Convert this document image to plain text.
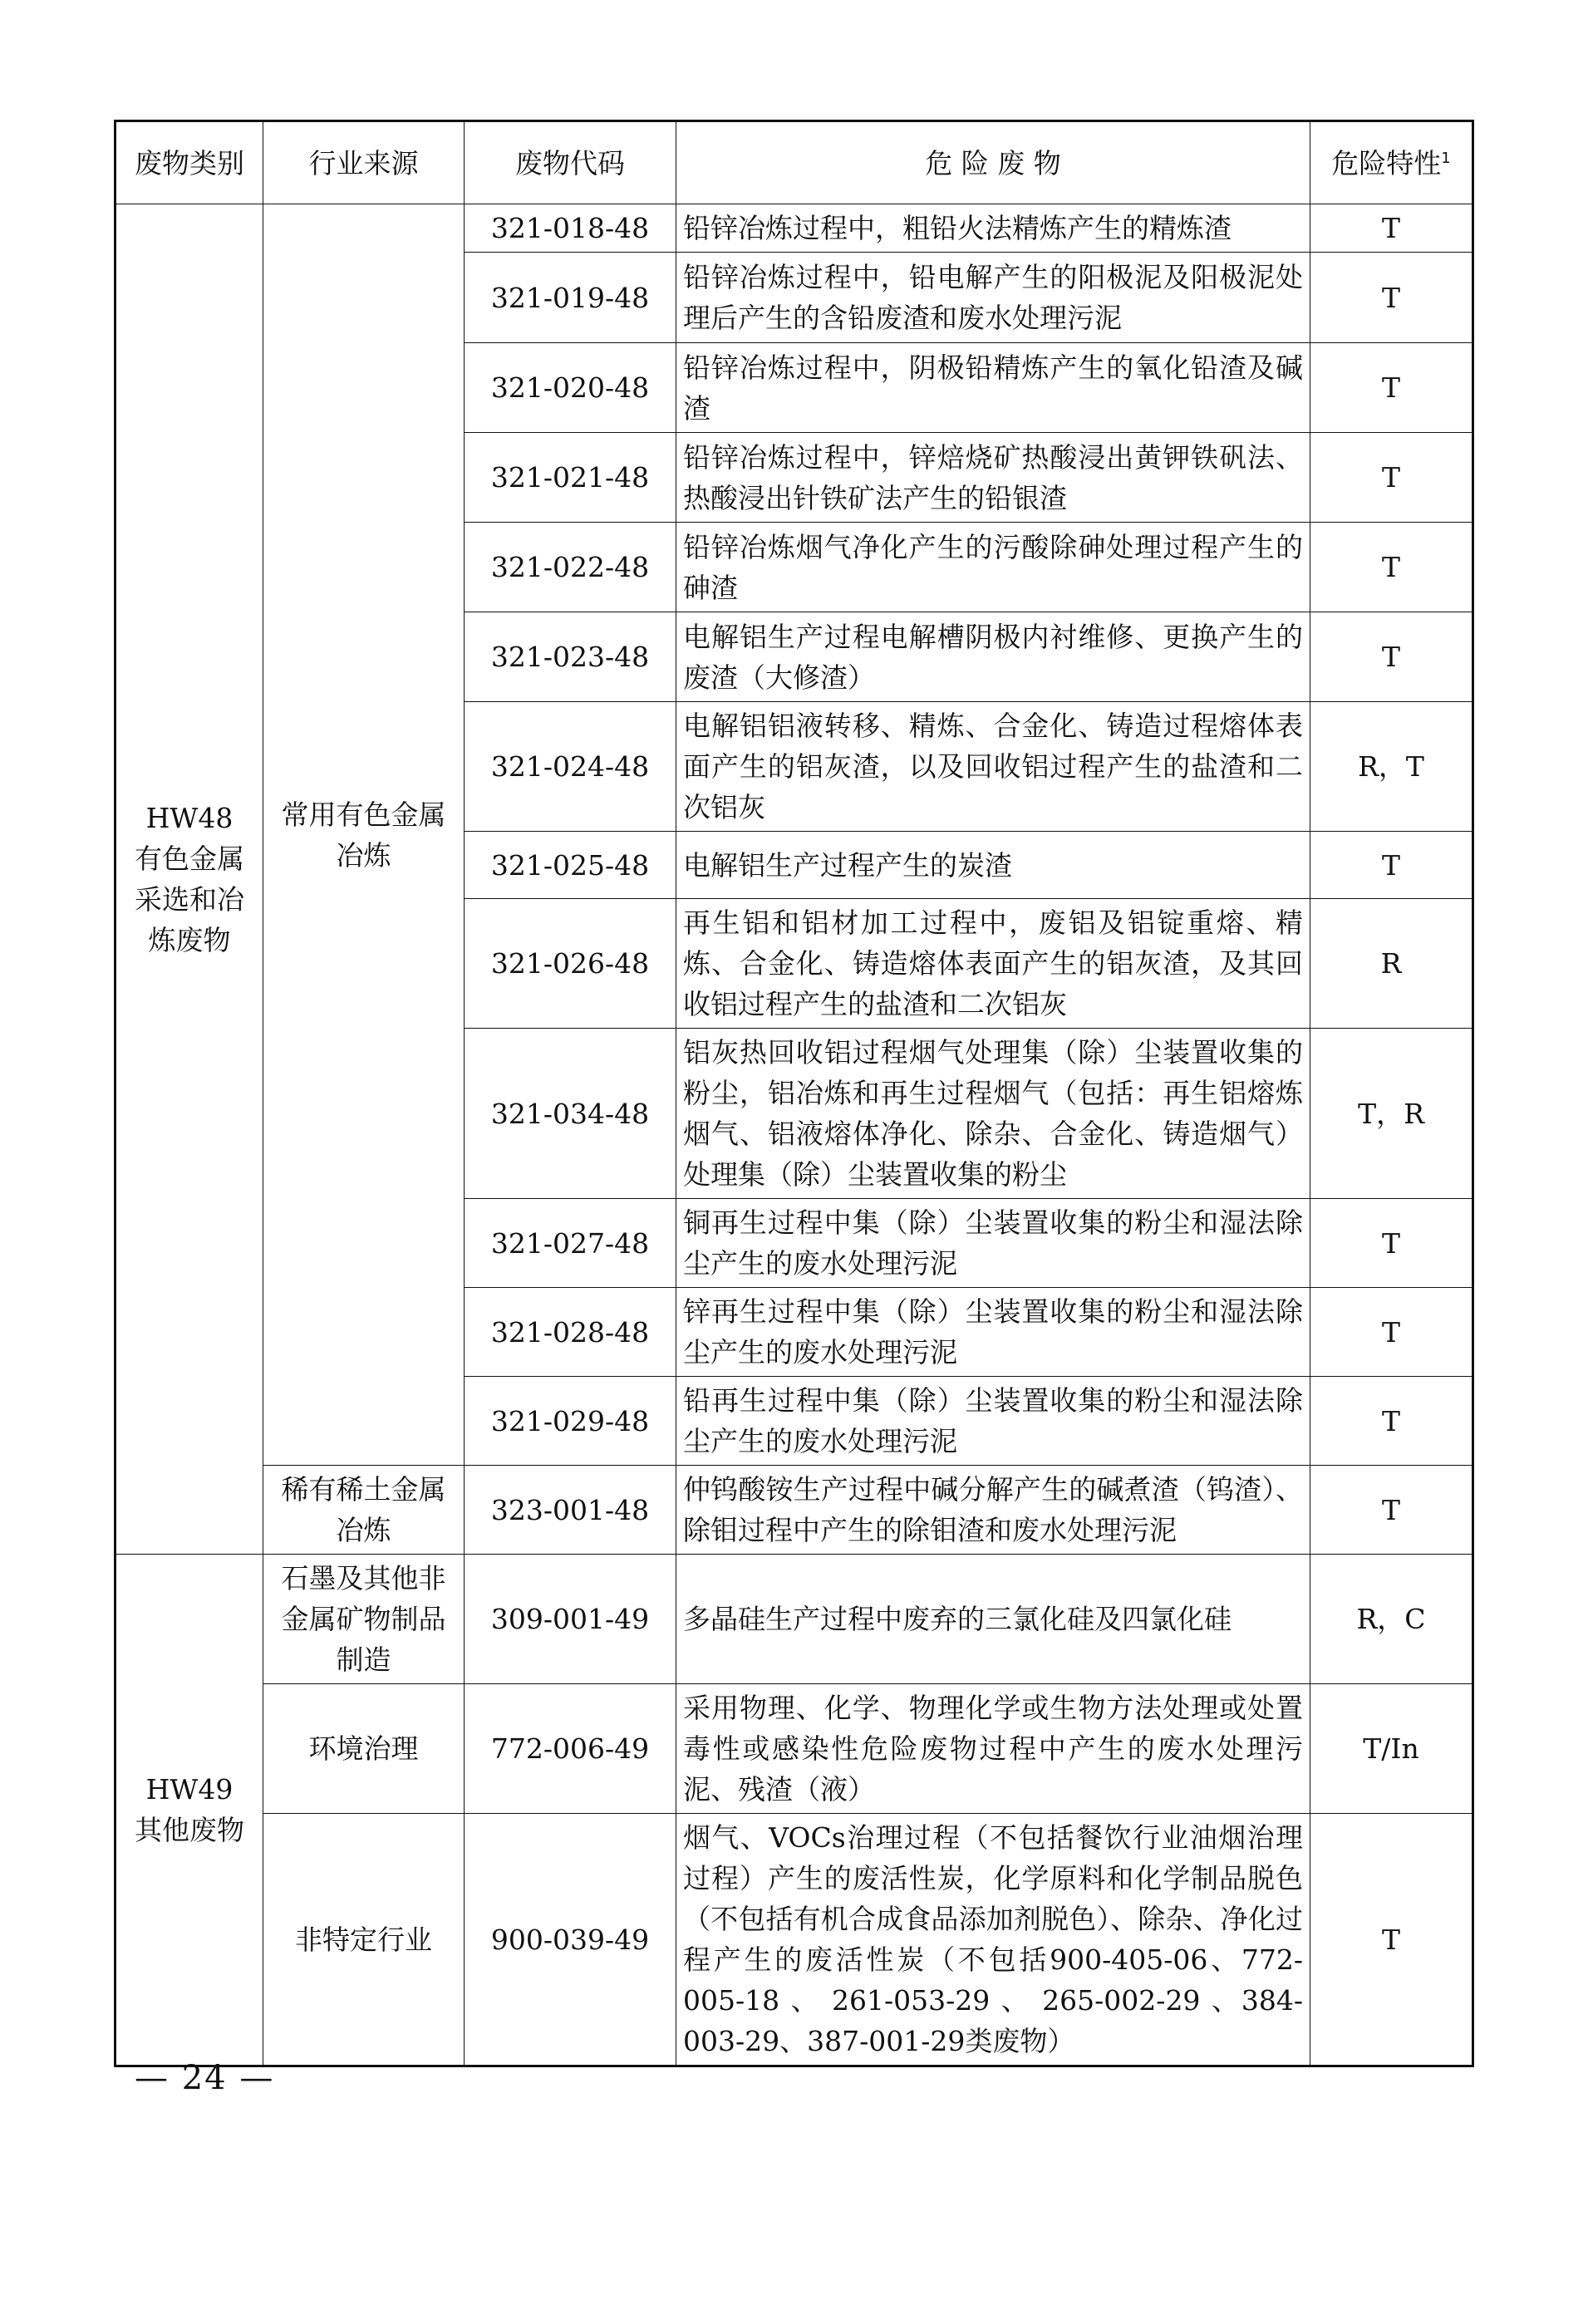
废物类别	行业来源	废物代码	危 险 废 物	危险特性$^1$

HW48
有色金属采选和冶炼废物	常用有色金属冶炼	321-018-48	铅锌冶炼过程中，粗铅火法精炼产生的精炼渣	T
		321-019-48	铅锌冶炼过程中，铅电解产生的阳极泥及阳极泥处理后产生的含铅废渣和废水处理污泥	T
		321-020-48	铅锌冶炼过程中，阴极铅精炼产生的氧化铅渣及碱渣	T
		321-021-48	铅锌冶炼过程中，锌焙烧矿热酸浸出黄钾铁矾法、热酸浸出针铁矿法产生的铅银渣	T
		321-022-48	铅锌冶炼烟气净化产生的污酸除砷处理过程产生的砷渣	T
		321-023-48	电解铝生产过程电解槽阴极内衬维修、更换产生的废渣（大修渣）	T
		321-024-48	电解铝铝液转移、精炼、合金化、铸造过程熔体表面产生的铝灰渣，以及回收铝过程产生的盐渣和二次铝灰	R，T
		321-025-48	电解铝生产过程产生的炭渣	T
		321-026-48	再生铝和铝材加工过程中，废铝及铝锭重熔、精炼、合金化、铸造熔体表面产生的铝灰渣，及其回收铝过程产生的盐渣和二次铝灰	R
		321-034-48	铝灰热回收铝过程烟气处理集（除）尘装置收集的粉尘，铝冶炼和再生过程烟气（包括：再生铝熔炼烟气、铝液熔体净化、除杂、合金化、铸造烟气）处理集（除）尘装置收集的粉尘	T，R
		321-027-48	铜再生过程中集（除）尘装置收集的粉尘和湿法除尘产生的废水处理污泥	T
		321-028-48	锌再生过程中集（除）尘装置收集的粉尘和湿法除尘产生的废水处理污泥	T
		321-029-48	铅再生过程中集（除）尘装置收集的粉尘和湿法除尘产生的废水处理污泥	T
	稀有稀土金属冶炼	323-001-48	仲钨酸铵生产过程中碱分解产生的碱煮渣（钨渣）、除钼过程中产生的除钼渣和废水处理污泥	T

HW49
其他废物	石墨及其他非金属矿物制品制造	309-001-49	多晶硅生产过程中废弃的三氯化硅及四氯化硅	R，C
	环境治理	772-006-49	采用物理、化学、物理化学或生物方法处理或处置毒性或感染性危险废物过程中产生的废水处理污泥、残渣（液）	T/In
	非特定行业	900-039-49	烟气、VOCs治理过程（不包括餐饮行业油烟治理过程）产生的废活性炭，化学原料和化学制品脱色（不包括有机合成食品添加剂脱色）、除杂、净化过程产生的废活性炭（不包括900-405-06、772-005-18 、 261-053-29 、 265-002-29 、384-003-29、387-001-29类废物）	T
— 24 —
